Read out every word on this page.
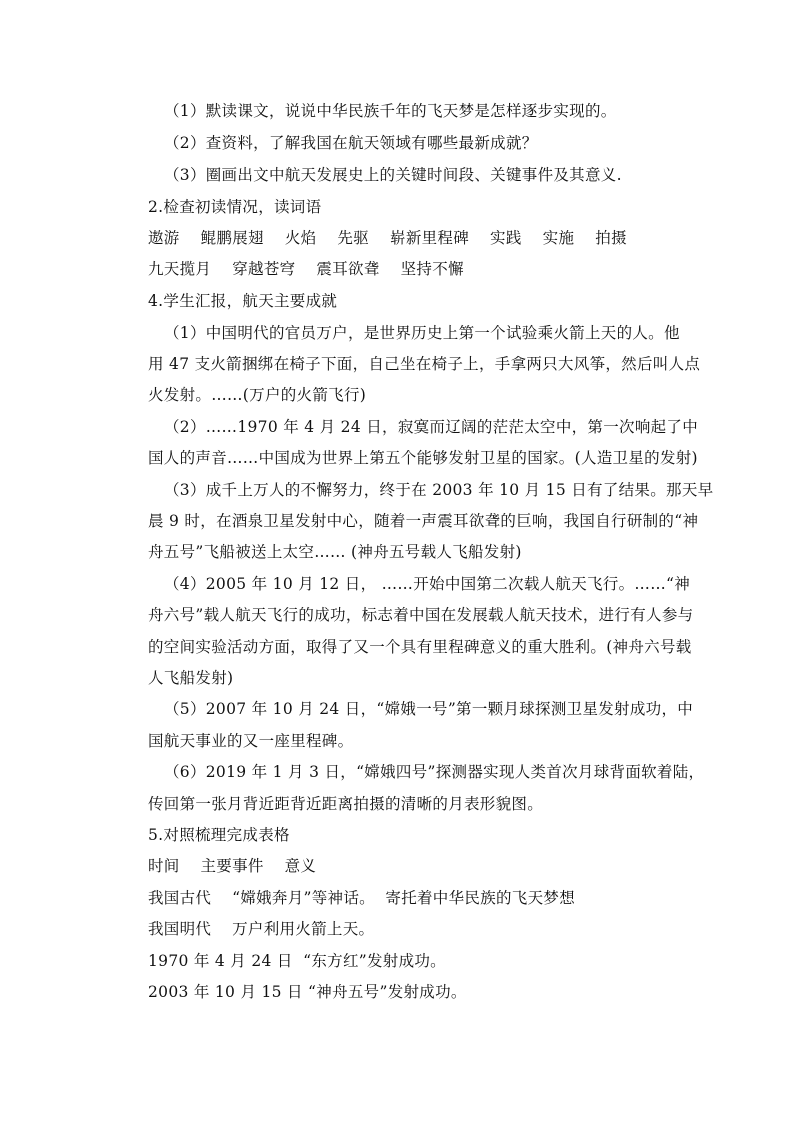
（1）默读课文，说说中华民族千年的飞天梦是怎样逐步实现的。
（2）查资料，了解我国在航天领域有哪些最新成就？
（3）圈画出文中航天发展史上的关键时间段、关键事件及其意义.
2.检查初读情况，读词语
遨游 鲲鹏展翅 火焰 先驱 崭新里程碑 实践 实施 拍摄
九天揽月 穿越苍穹 震耳欲聋 坚持不懈
4.学生汇报，航天主要成就
（1）中国明代的官员万户，是世界历史上第一个试验乘火箭上天的人。他
用 47 支火箭捆绑在椅子下面，自己坐在椅子上，手拿两只大风筝，然后叫人点
火发射。……(万户的火箭飞行)
（2）……1970 年 4 月 24 日，寂寞而辽阔的茫茫太空中，第一次响起了中
国人的声音……中国成为世界上第五个能够发射卫星的国家。(人造卫星的发射)
（3）成千上万人的不懈努力，终于在 2003 年 10 月 15 日有了结果。那天早
晨 9 时，在酒泉卫星发射中心，随着一声震耳欲聋的巨响，我国自行研制的“神
舟五号”飞船被送上太空…… (神舟五号载人飞船发射)
（4）2005 年 10 月 12 日， ……开始中国第二次载人航天飞行。……“神
舟六号”载人航天飞行的成功，标志着中国在发展载人航天技术，进行有人参与
的空间实验活动方面，取得了又一个具有里程碑意义的重大胜利。(神舟六号载
人飞船发射)
（5）2007 年 10 月 24 日，“嫦娥一号”第一颗月球探测卫星发射成功，中
国航天事业的又一座里程碑。
（6）2019 年 1 月 3 日，“嫦娥四号”探测器实现人类首次月球背面软着陆，
传回第一张月背近距背近距离拍摄的清晰的月表形貌图。
5.对照梳理完成表格
时间    主要事件    意义
我国古代    “嫦娥奔月”等神话。  寄托着中华民族的飞天梦想
我国明代    万户利用火箭上天。
1970 年 4 月 24 日  “东方红”发射成功。
2003 年 10 月 15 日 “神舟五号”发射成功。
